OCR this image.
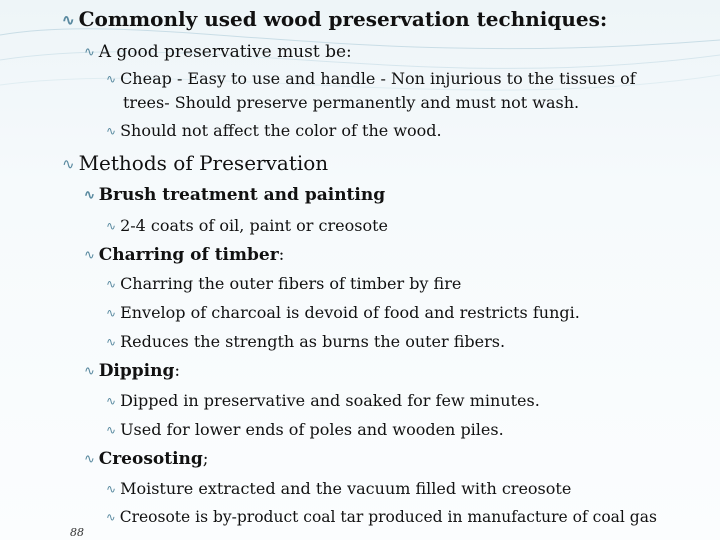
∿ Commonly used wood preservation techniques:
∿ A good preservative must be:
∿ Cheap - Easy to use and handle - Non injurious to the tissues of
trees- Should preserve permanently and must not wash.
∿ Should not affect the color of the wood.
∿ Methods of Preservation
∿ Brush treatment and painting
∿ 2-4 coats of oil, paint or creosote
∿ Charring of timber:
∿ Charring the outer fibers of timber by fire
∿ Envelop of charcoal is devoid of food and restricts fungi.
∿ Reduces the strength as burns the outer fibers.
∿ Dipping:
∿ Dipped in preservative and soaked for few minutes.
∿ Used for lower ends of poles and wooden piles.
∿ Creosoting;
∿ Moisture extracted and the vacuum filled with creosote
∿ Creosote is by-product coal tar produced in manufacture of coal gas
88
